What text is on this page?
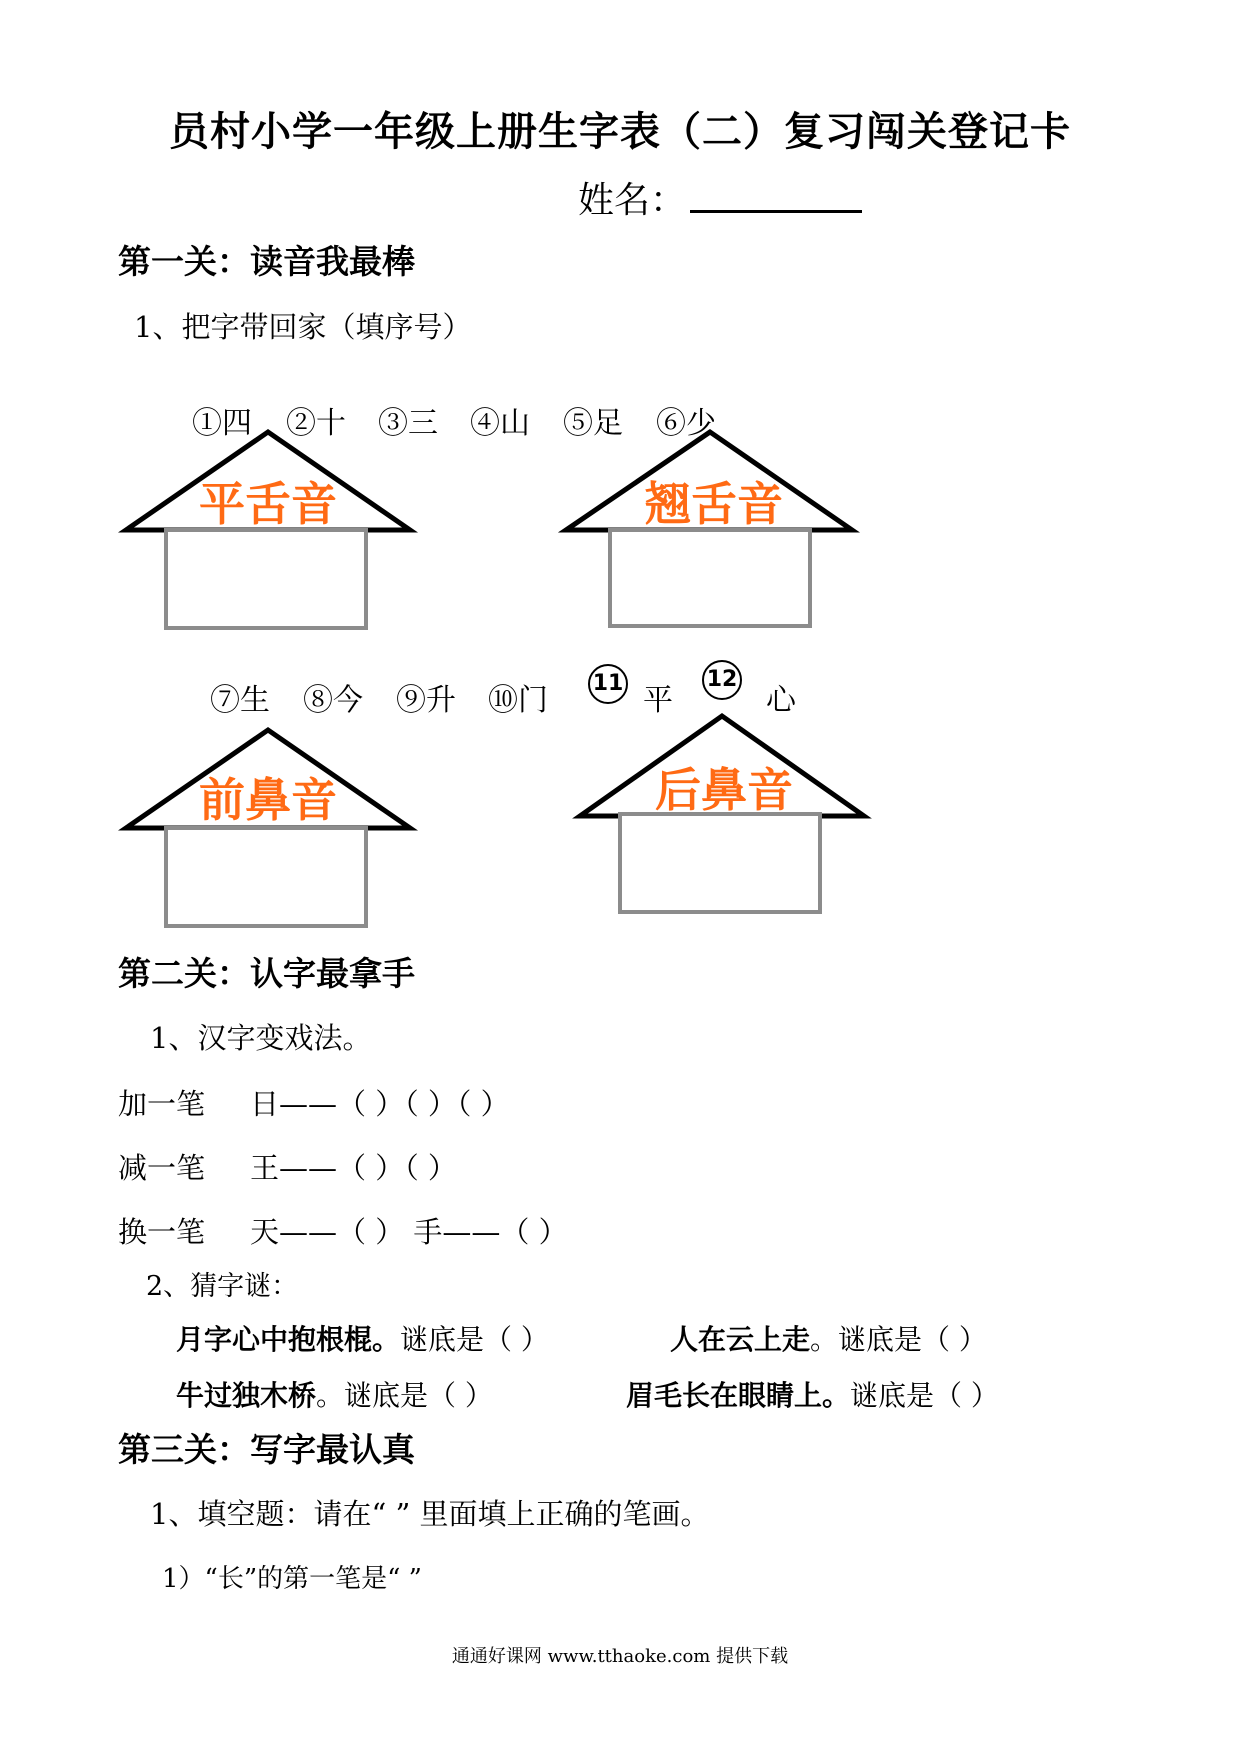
员村小学一年级上册生字表（二）复习闯关登记卡
姓名：
第一关：读音我最棒
1、把字带回家（填序号）
①四 ②十 ③三 ④山 ⑤足 ⑥少
⑦生 ⑧今 ⑨升 ⑩门 11 平
12
心
平舌音	翘舌音
前鼻音	后鼻音
第二关：认字最拿手
1、汉字变戏法。
加一笔 日——（ ）（ ）（ ）
减一笔 王——（ ）（ ）
换一笔 天——（ ） 手——（ ）
2、猜字谜：
月字心中抱根棍。谜底是（ ）	人在云上走。谜底是（ ）
牛过独木桥。谜底是（ ）	眉毛长在眼睛上。谜底是（ ）
第三关：写字最认真
1、填空题：请在“ ” 里面填上正确的笔画。
1）“长”的第一笔是“ ”
通通好课网 www.tthaoke.com 提供下载
